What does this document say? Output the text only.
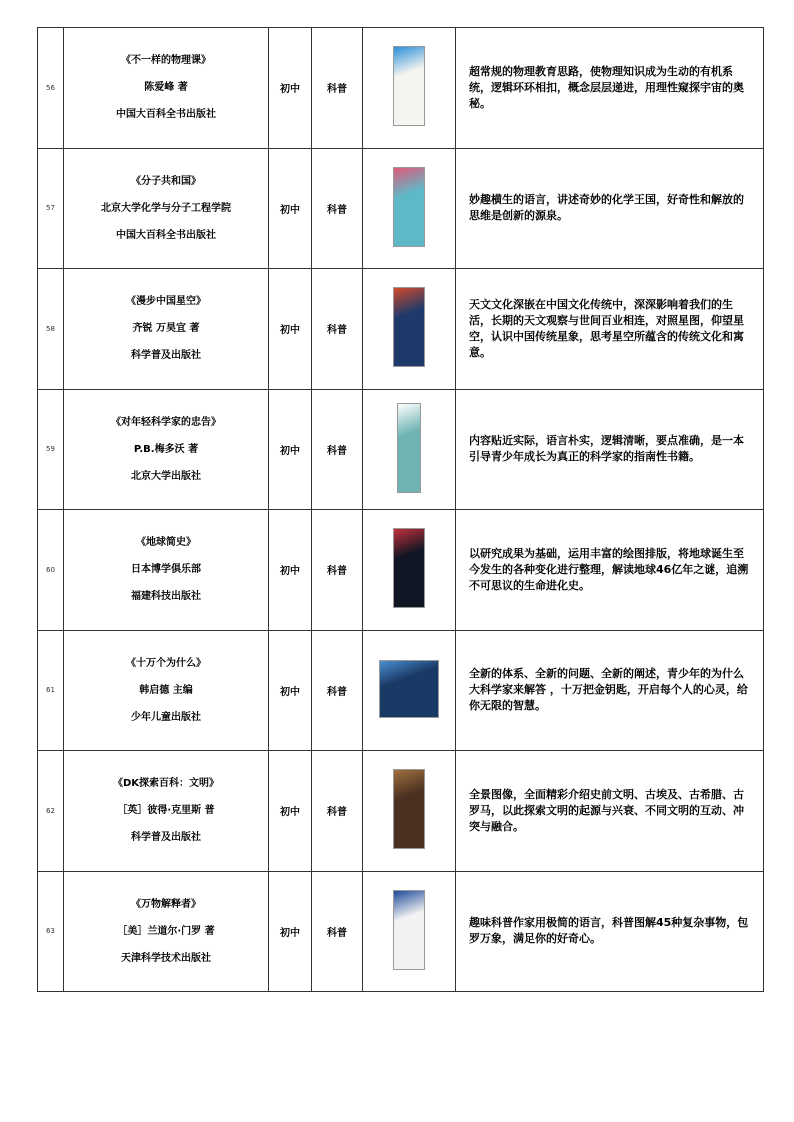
56	《不一样的物理课》
陈爱峰 著
中国大百科全书出版社	初中	科普		超常规的物理教育思路，使物理知识成为生动的有机系统，逻辑环环相扣，概念层层递进，用理性窥探宇宙的奥秘。
57	《分子共和国》
北京大学化学与分子工程学院
中国大百科全书出版社	初中	科普		妙趣横生的语言，讲述奇妙的化学王国，好奇性和解放的思维是创新的源泉。
58	《漫步中国星空》
齐锐 万昊宜 著
科学普及出版社	初中	科普		天文文化深嵌在中国文化传统中，深深影响着我们的生活，长期的天文观察与世间百业相连，对照星图，仰望星空，认识中国传统星象，思考星空所蕴含的传统文化和寓意。
59	《对年轻科学家的忠告》
P.B.梅多沃 著
北京大学出版社	初中	科普		内容贴近实际，语言朴实，逻辑清晰，要点准确，是一本引导青少年成长为真正的科学家的指南性书籍。
60	《地球简史》
日本博学俱乐部
福建科技出版社	初中	科普		以研究成果为基础，运用丰富的绘图排版，将地球诞生至今发生的各种变化进行整理，解读地球46亿年之谜，追溯不可思议的生命进化史。
61	《十万个为什么》
韩启德 主编
少年儿童出版社	初中	科普		全新的体系、全新的问题、全新的阐述，青少年的为什么 大科学家来解答 ，十万把金钥匙，开启每个人的心灵，给你无限的智慧。
62	《DK探索百科：文明》
［英］彼得·克里斯 普
科学普及出版社	初中	科普		全景图像，全面精彩介绍史前文明、古埃及、古希腊、古罗马，以此探索文明的起源与兴衰、不同文明的互动、冲突与融合。
63	《万物解释者》
［美］兰道尔·门罗 著
天津科学技术出版社	初中	科普		趣味科普作家用极简的语言，科普图解45种复杂事物，包罗万象，满足你的好奇心。
